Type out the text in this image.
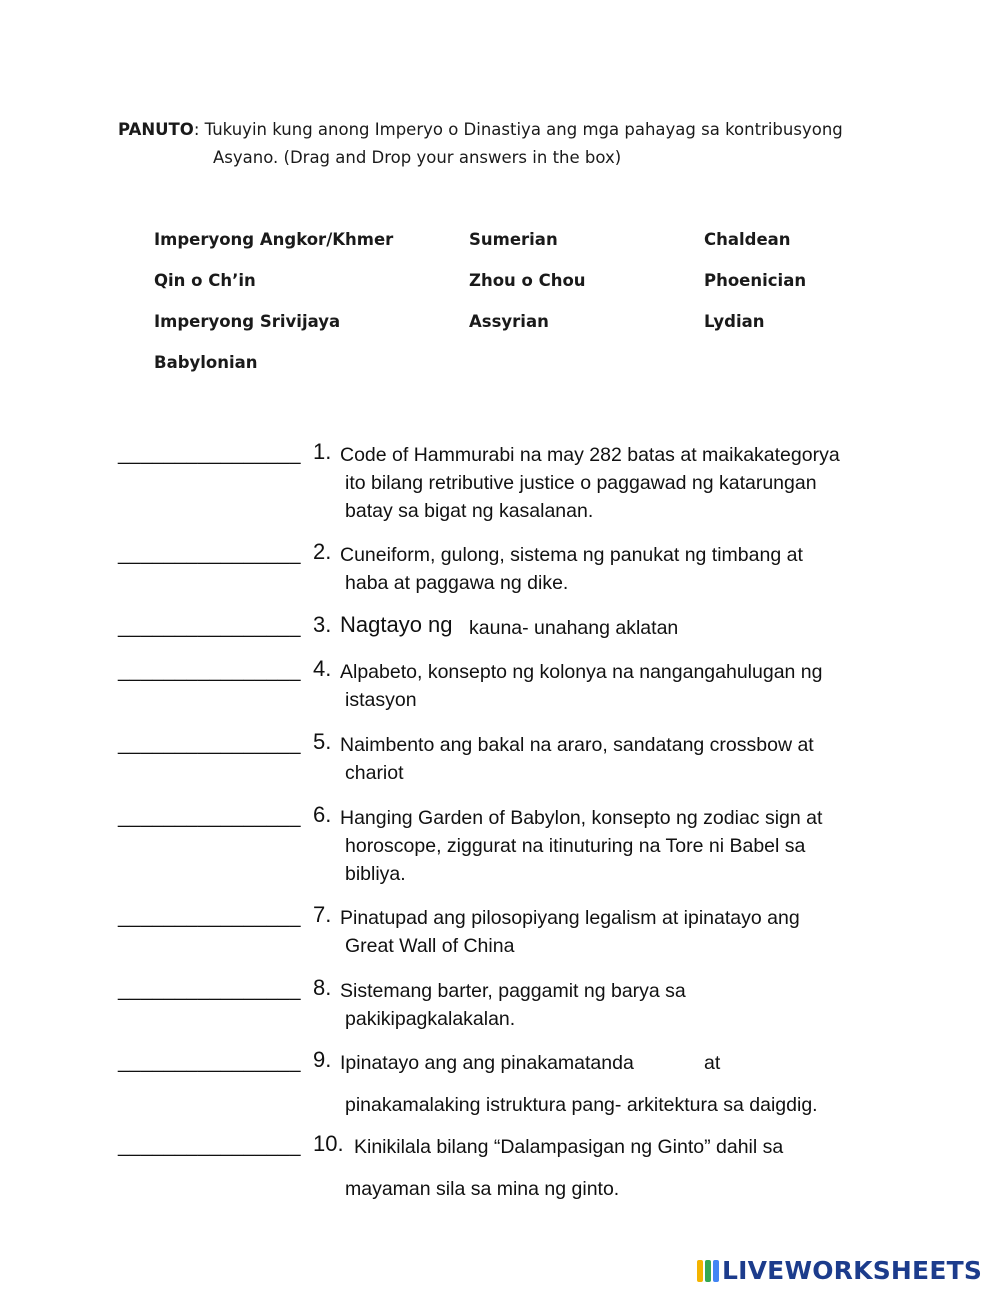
PANUTO: Tukuyin kung anong Imperyo o Dinastiya ang mga pahayag sa kontribusyong
Asyano. (Drag and Drop your answers in the box)
Imperyong Angkor/Khmer	Sumerian	Chaldean
Qin o Ch’in	Zhou o Chou	Phoenician
Imperyong Srivijaya	Assyrian	Lydian
Babylonian
________________ 1. Code of Hammurabi na may 282 batas at maikakategorya
ito bilang retributive justice o paggawad ng katarungan
batay sa bigat ng kasalanan.
________________ 2. Cuneiform, gulong, sistema ng panukat ng timbang at
haba at paggawa ng dike.
________________ 3. Nagtayo ng kauna- unahang aklatan
________________ 4. Alpabeto, konsepto ng kolonya na nangangahulugan ng
istasyon
________________ 5. Naimbento ang bakal na araro, sandatang crossbow at
chariot
________________ 6. Hanging Garden of Babylon, konsepto ng zodiac sign at
horoscope, ziggurat na itinuturing na Tore ni Babel sa
bibliya.
________________ 7. Pinatupad ang pilosopiyang legalism at ipinatayo ang
Great Wall of China
________________ 8. Sistemang barter, paggamit ng barya sa
pakikipagkalakalan.
________________ 9. Ipinatayo ang ang pinakamatanda	at
pinakamalaking istruktura pang- arkitektura sa daigdig.
________________ 10. Kinikilala bilang “Dalampasigan ng Ginto” dahil sa
mayaman sila sa mina ng ginto.
LIVEWORKSHEETS
